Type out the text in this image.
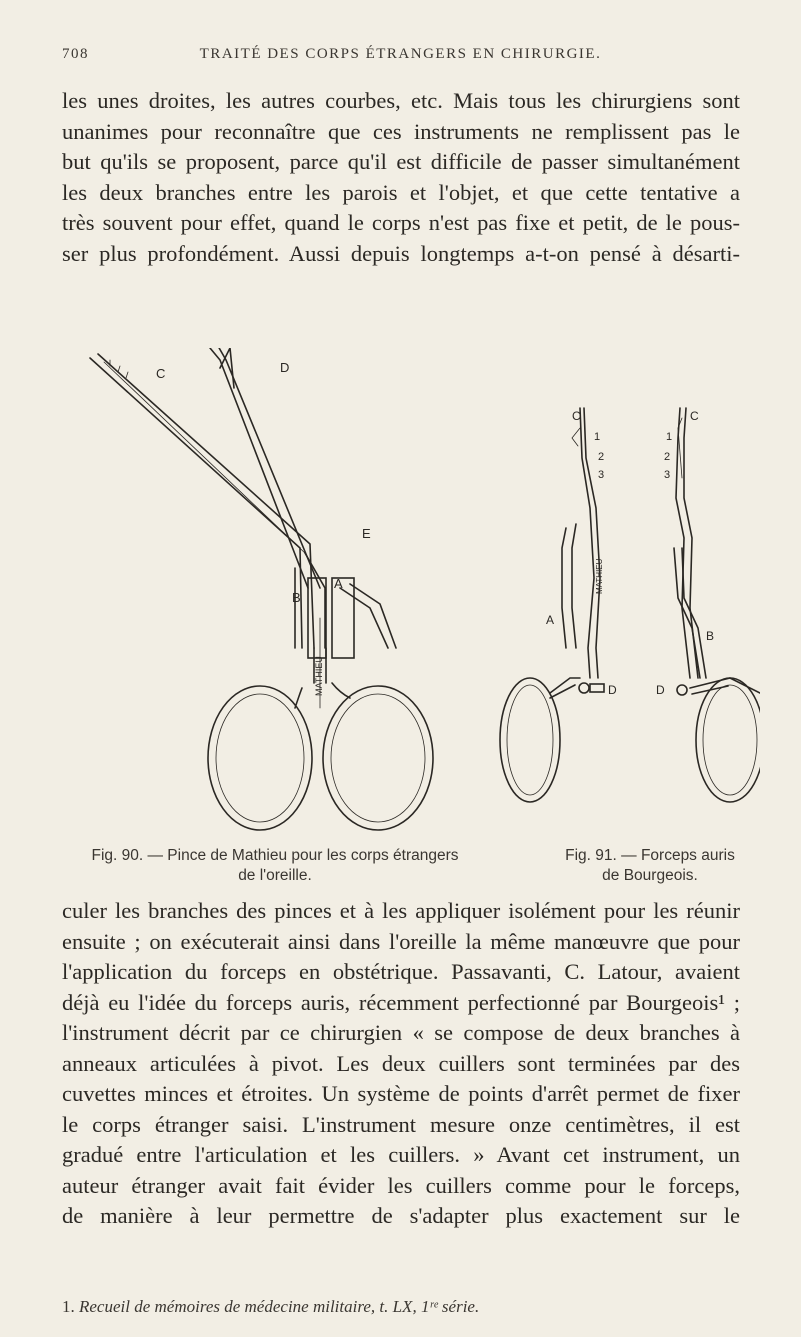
708	TRAITÉ DES CORPS ÉTRANGERS EN CHIRURGIE.
les unes droites, les autres courbes, etc. Mais tous les chirurgiens sont
unanimes pour reconnaître que ces instruments ne remplissent pas le
but qu'ils se proposent, parce qu'il est difficile de passer simultanément
les deux branches entre les parois et l'objet, et que cette tentative a
très souvent pour effet, quand le corps n'est pas fixe et petit, de le pous-
ser plus profondément. Aussi depuis longtemps a-t-on pensé à désarti-
C	D
E
A
B
MATHIEU
C
1
2
3
A
D
MATHIEU
C
1
2
3
B
D
Fig. 90. — Pince de Mathieu pour les corps étrangers
de l'oreille.
Fig. 91. — Forceps auris
de Bourgeois.
culer les branches des pinces et à les appliquer isolément pour les réunir
ensuite ; on exécuterait ainsi dans l'oreille la même manœuvre que pour
l'application du forceps en obstétrique. Passavanti, C. Latour, avaient
déjà eu l'idée du forceps auris, récemment perfectionné par Bourgeois¹ ;
l'instrument décrit par ce chirurgien « se compose de deux branches à
anneaux articulées à pivot. Les deux cuillers sont terminées par des
cuvettes minces et étroites. Un système de points d'arrêt permet de fixer
le corps étranger saisi. L'instrument mesure onze centimètres, il est
gradué entre l'articulation et les cuillers. » Avant cet instrument, un
auteur étranger avait fait évider les cuillers comme pour le forceps,
de manière à leur permettre de s'adapter plus exactement sur le
1. Recueil de mémoires de médecine militaire, t. LX, 1ʳᵉ série.
